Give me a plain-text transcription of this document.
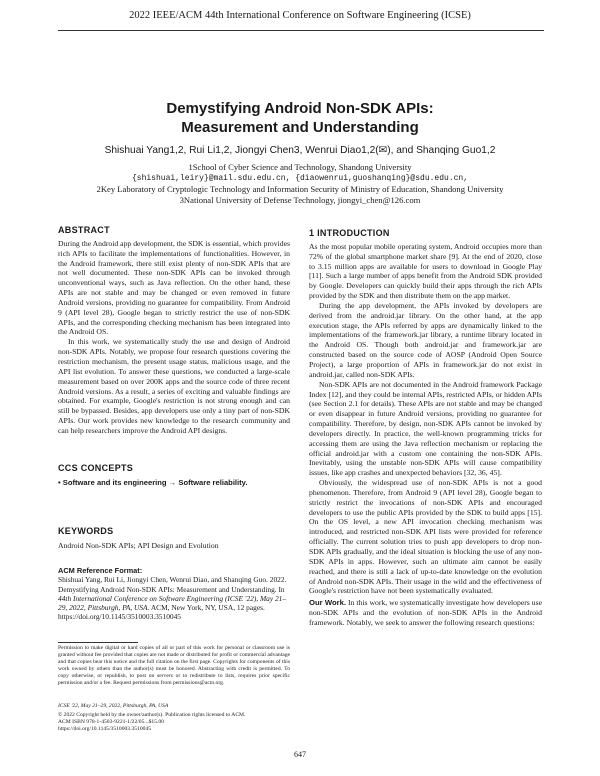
2022 IEEE/ACM 44th International Conference on Software Engineering (ICSE)
Demystifying Android Non-SDK APIs:
Measurement and Understanding
Shishuai Yang1,2, Rui Li1,2, Jiongyi Chen3, Wenrui Diao1,2(✉), and Shanqing Guo1,2
1School of Cyber Science and Technology, Shandong University
{shishuai,leiry}@mail.sdu.edu.cn, {diaowenrui,guoshanqing}@sdu.edu.cn,
2Key Laboratory of Cryptologic Technology and Information Security of Ministry of Education, Shandong University
3National University of Defense Technology, jiongyi_chen@126.com
ABSTRACT

During the Android app development, the SDK is essential, which provides rich APIs to facilitate the implementations of functionalities. However, in the Android framework, there still exist plenty of non-SDK APIs that are not well documented. These non-SDK APIs can be invoked through unconventional ways, such as Java reflection. On the other hand, these APIs are not stable and may be changed or even removed in future Android versions, providing no guarantee for compatibility. From Android 9 (API level 28), Google began to strictly restrict the use of non-SDK APIs, and the corresponding checking mechanism has been integrated into the Android OS.

In this work, we systematically study the use and design of Android non-SDK APIs. Notably, we propose four research questions covering the restriction mechanism, the present usage status, malicious usage, and the API list evolution. To answer these questions, we conducted a large-scale measurement based on over 200K apps and the source code of three recent Android versions. As a result, a series of exciting and valuable findings are obtained. For example, Google's restriction is not strong enough and can still be bypassed. Besides, app developers use only a tiny part of non-SDK APIs. Our work provides new knowledge to the research community and can help researchers improve the Android API designs.

CCS CONCEPTS
• Software and its engineering → Software reliability.
KEYWORDS

Android Non-SDK APIs; API Design and Evolution

ACM Reference Format:
Shishuai Yang, Rui Li, Jiongyi Chen, Wenrui Diao, and Shanqing Guo. 2022. Demystifying Android Non-SDK APIs: Measurement and Understanding. In 44th International Conference on Software Engineering (ICSE '22), May 21–29, 2022, Pittsburgh, PA, USA. ACM, New York, NY, USA, 12 pages. https://doi.org/10.1145/3510003.3510045
Permission to make digital or hard copies of all or part of this work for personal or classroom use is granted without fee provided that copies are not made or distributed for profit or commercial advantage and that copies bear this notice and the full citation on the first page. Copyrights for components of this work owned by others than the author(s) must be honored. Abstracting with credit is permitted. To copy otherwise, or republish, to post on servers or to redistribute to lists, requires prior specific permission and/or a fee. Request permissions from permissions@acm.org.
ICSE '22, May 21–29, 2022, Pittsburgh, PA, USA
© 2022 Copyright held by the owner/author(s). Publication rights licensed to ACM.
ACM ISBN 978-1-4503-9221-1/22/05...$15.00
https://doi.org/10.1145/3510003.3510045
1 INTRODUCTION

As the most popular mobile operating system, Android occupies more than 72% of the global smartphone market share [9]. At the end of 2020, close to 3.15 million apps are available for users to download in Google Play [11]. Such a large number of apps benefit from the Android SDK provided by Google. Developers can quickly build their apps through the rich APIs provided by the SDK and then distribute them on the app market.

During the app development, the APIs invoked by developers are derived from the android.jar library. On the other hand, at the app execution stage, the APIs referred by apps are dynamically linked to the implementations of the framework.jar library, a runtime library located in the Android OS. Though both android.jar and framework.jar are constructed based on the source code of AOSP (Android Open Source Project), a large proportion of APIs in framework.jar do not exist in android.jar, called non-SDK APIs.

Non-SDK APIs are not documented in the Android framework Package Index [12], and they could be internal APIs, restricted APIs, or hidden APIs (see Section 2.1 for details). These APIs are not stable and may be changed or even disappear in future Android versions, providing no guarantee for compatibility. Therefore, by design, non-SDK APIs cannot be invoked by developers directly. In practice, the well-known programming tricks for accessing them are using the Java reflection mechanism or replacing the official android.jar with a custom one containing the non-SDK APIs. Inevitably, using the unstable non-SDK APIs will cause compatibility issues, like app crashes and unexpected behaviors [32, 36, 45].

Obviously, the widespread use of non-SDK APIs is not a good phenomenon. Therefore, from Android 9 (API level 28), Google began to strictly restrict the invocations of non-SDK APIs and encouraged developers to use the public APIs provided by the SDK to build apps [15]. On the OS level, a new API invocation checking mechanism was introduced, and restricted non-SDK API lists were provided for reference officially. The current solution tries to push app developers to drop non-SDK APIs gradually, and the ideal situation is blocking the use of any non-SDK APIs in apps. However, such an ultimate aim cannot be easily reached, and there is still a lack of up-to-date knowledge on the evolution of Android non-SDK APIs. Their usage in the wild and the effectiveness of Google's restriction have not been systematically evaluated.

Our Work. In this work, we systematically investigate how developers use non-SDK APIs and the evolution of non-SDK APIs in the Android framework. Notably, we seek to answer the following research questions:

647
